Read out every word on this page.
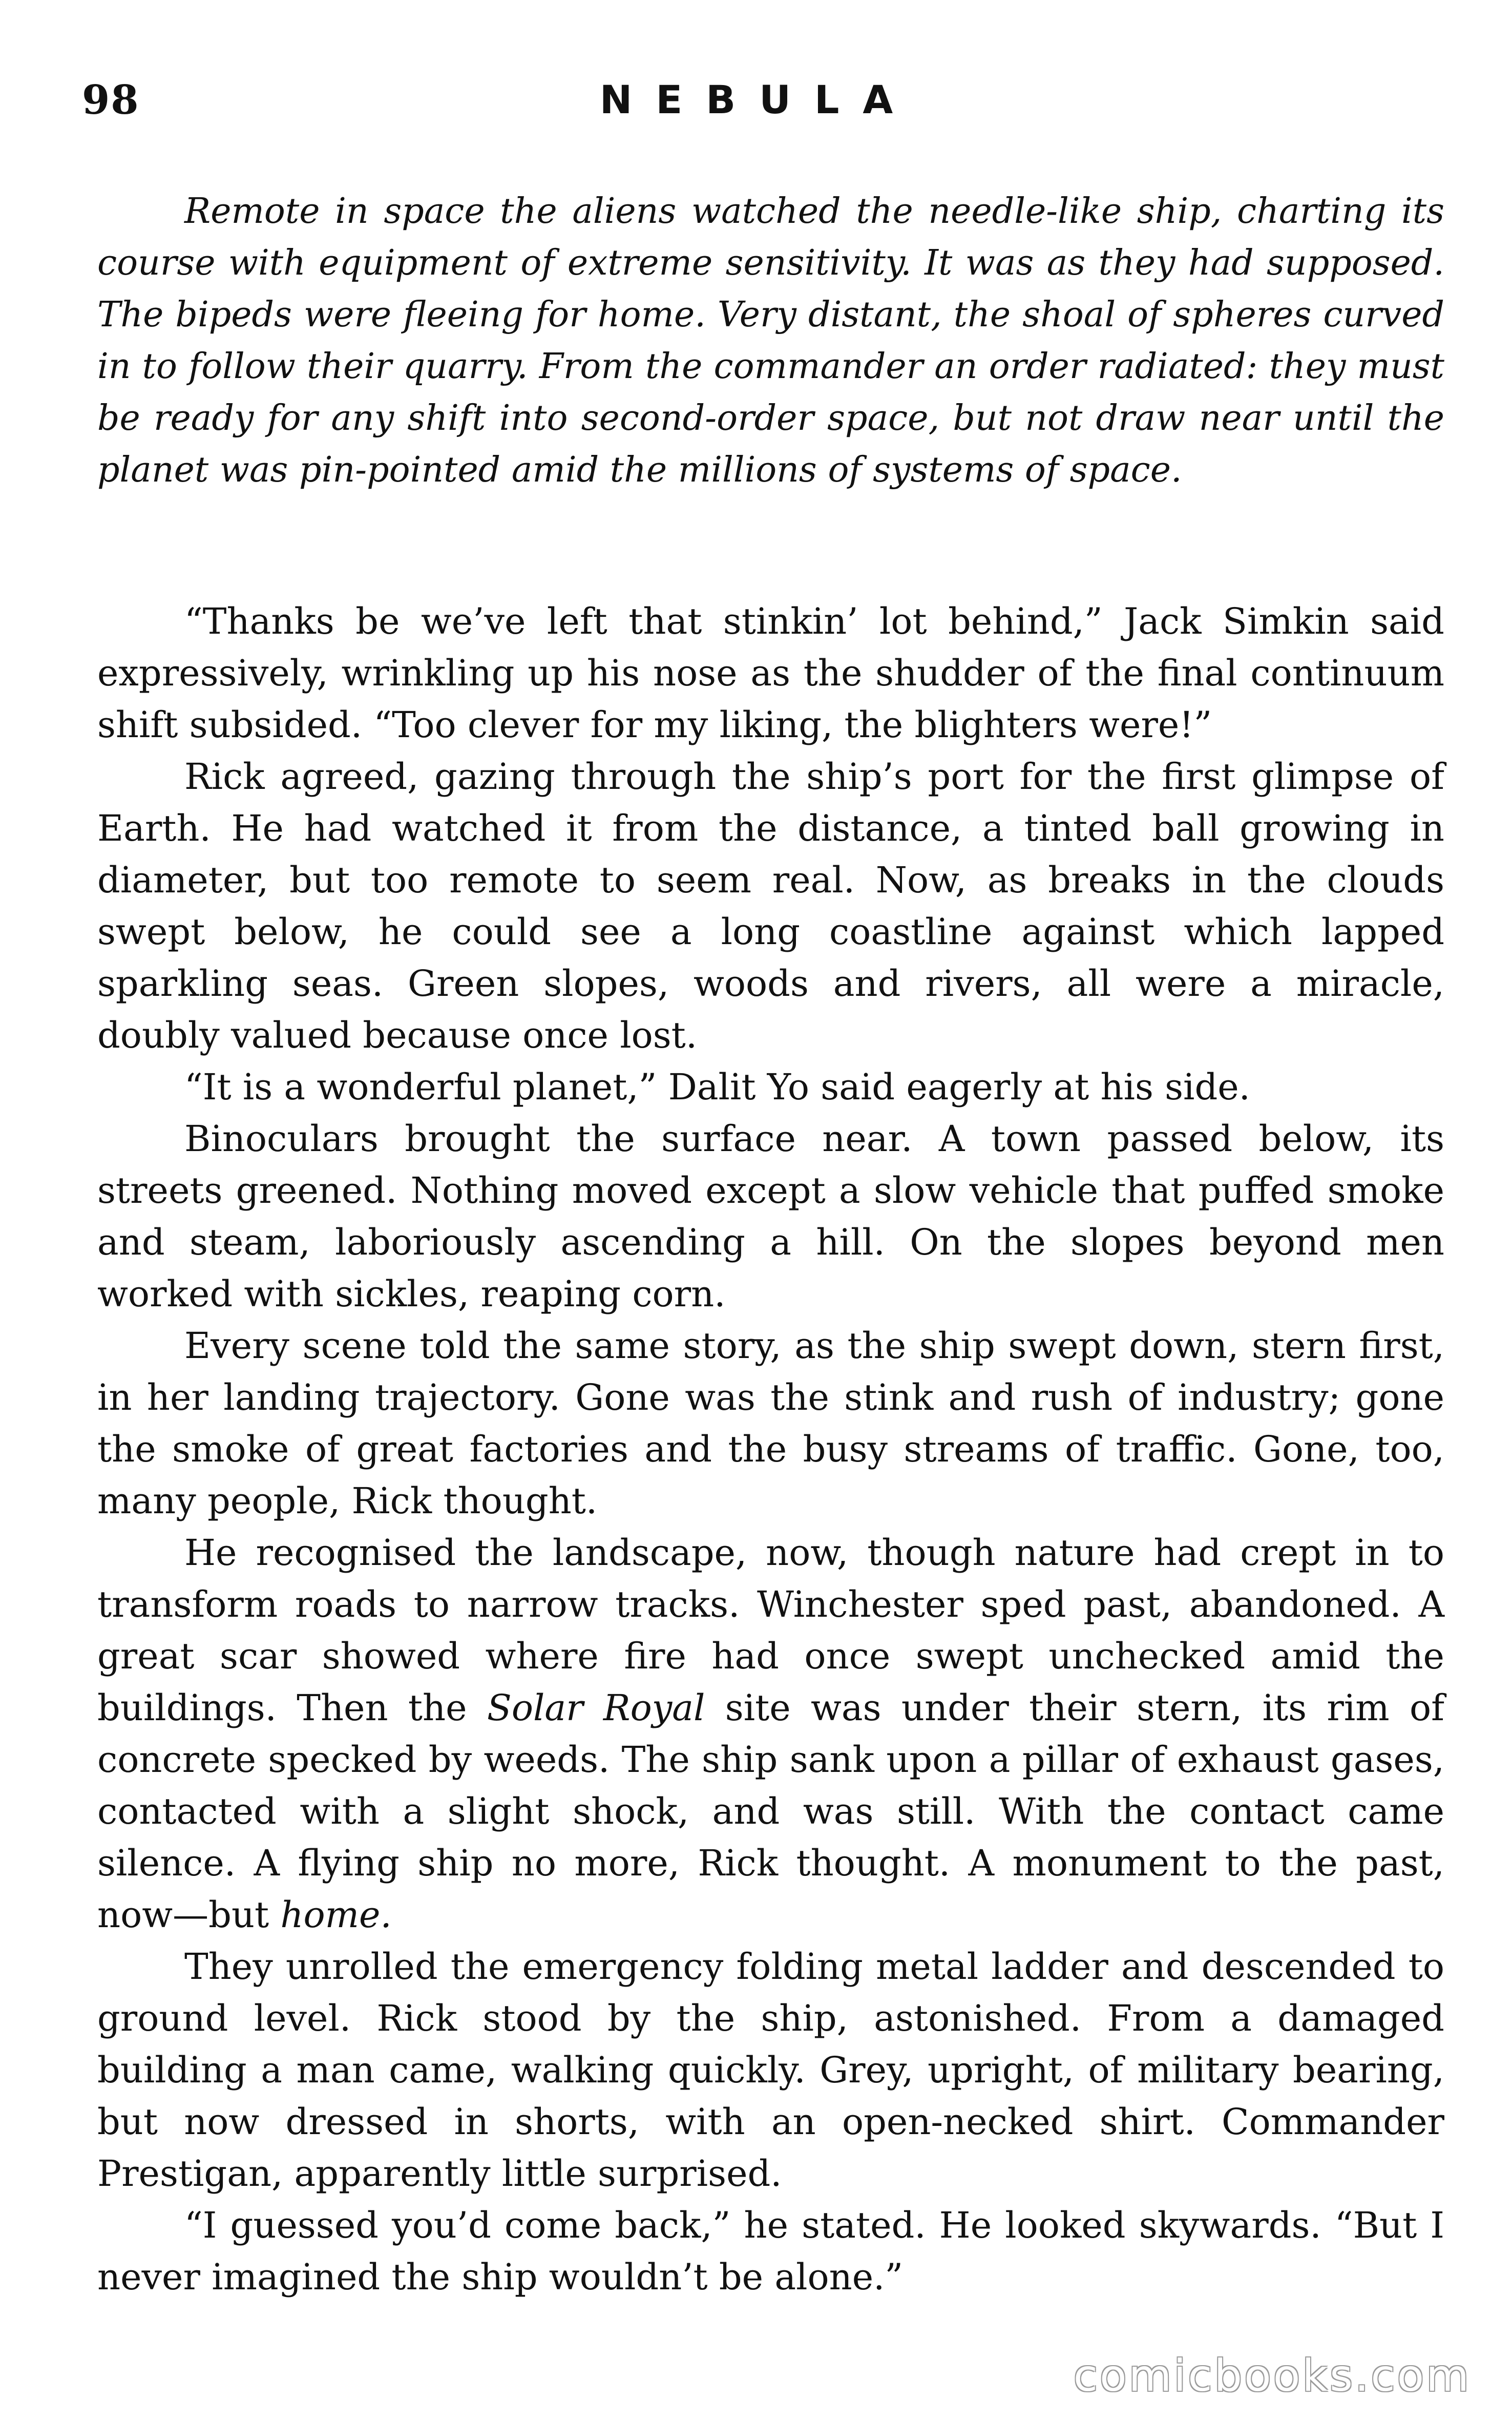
98	NEBULA
Remote in space the aliens watched the needle-like ship, charting its course with equipment of extreme sensitivity. It was as they had supposed. The bipeds were fleeing for home. Very distant, the shoal of spheres curved in to follow their quarry. From the commander an order radiated: they must be ready for any shift into second-order space, but not draw near until the planet was pin-pointed amid the millions of systems of space.

“Thanks be we’ve left that stinkin’ lot behind,” Jack Simkin said expressively, wrinkling up his nose as the shudder of the final continuum shift subsided. “Too clever for my liking, the blighters were!”

Rick agreed, gazing through the ship’s port for the first glimpse of Earth. He had watched it from the distance, a tinted ball growing in diameter, but too remote to seem real. Now, as breaks in the clouds swept below, he could see a long coastline against which lapped sparkling seas. Green slopes, woods and rivers, all were a miracle, doubly valued because once lost.

“It is a wonderful planet,” Dalit Yo said eagerly at his side.

Binoculars brought the surface near. A town passed below, its streets greened. Nothing moved except a slow vehicle that puffed smoke and steam, laboriously ascending a hill. On the slopes beyond men worked with sickles, reaping corn.

Every scene told the same story, as the ship swept down, stern first, in her landing trajectory. Gone was the stink and rush of industry; gone the smoke of great factories and the busy streams of traffic. Gone, too, many people, Rick thought.

He recognised the landscape, now, though nature had crept in to transform roads to narrow tracks. Winchester sped past, abandoned. A great scar showed where fire had once swept unchecked amid the buildings. Then the Solar Royal site was under their stern, its rim of concrete specked by weeds. The ship sank upon a pillar of exhaust gases, contacted with a slight shock, and was still. With the contact came silence. A flying ship no more, Rick thought. A monument to the past, now—but home.

They unrolled the emergency folding metal ladder and descended to ground level. Rick stood by the ship, astonished. From a damaged building a man came, walking quickly. Grey, upright, of military bearing, but now dressed in shorts, with an open-necked shirt. Commander Prestigan, apparently little surprised.

“I guessed you’d come back,” he stated. He looked skywards. “But I never imagined the ship wouldn’t be alone.”

comicbooks.com
